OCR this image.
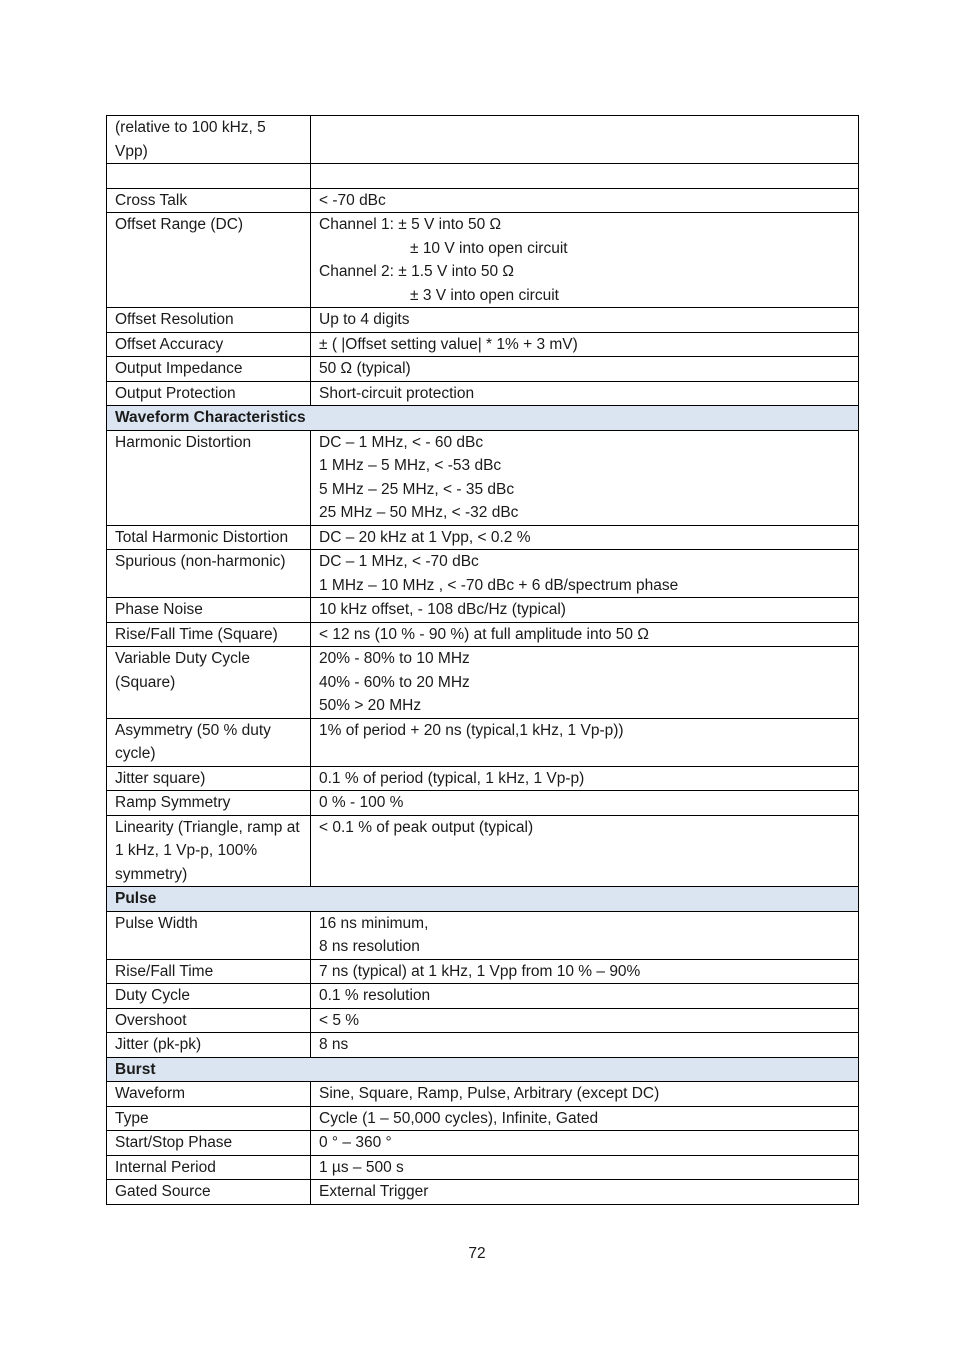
(relative to 100 kHz, 5 Vpp)	

Cross Talk	< -70 dBc

Offset Range (DC)	Channel 1: ± 5 V into 50 Ω
± 10 V into open circuit
Channel 2: ± 1.5 V into 50 Ω
± 3 V into open circuit

Offset Resolution	Up to 4 digits

Offset Accuracy	± ( |Offset setting value| * 1% + 3 mV)

Output Impedance	50 Ω (typical)

Output Protection	Short-circuit protection

Waveform Characteristics	
Harmonic Distortion	DC – 1 MHz, < - 60 dBc
1 MHz – 5 MHz, < -53 dBc
5 MHz – 25 MHz, < - 35 dBc
25 MHz – 50 MHz, < -32 dBc

Total Harmonic Distortion	DC – 20 kHz at 1 Vpp, < 0.2 %

Spurious (non-harmonic)	DC – 1 MHz, < -70 dBc
1 MHz – 10 MHz , < -70 dBc + 6 dB/spectrum phase

Phase Noise	10 kHz offset, - 108 dBc/Hz (typical)

Rise/Fall Time (Square)	< 12 ns (10 % - 90 %) at full amplitude into 50 Ω

Variable Duty Cycle (Square)	20% - 80% to 10 MHz
40% - 60% to 20 MHz
50% > 20 MHz

Asymmetry (50 % duty cycle)	1% of period + 20 ns (typical,1 kHz, 1 Vp-p))

Jitter square)	0.1 % of period (typical, 1 kHz, 1 Vp-p)

Ramp Symmetry	0 % - 100 %

Linearity (Triangle, ramp at 1 kHz, 1 Vp-p, 100% symmetry)	< 0.1 % of peak output (typical)

Pulse	
Pulse Width	16 ns minimum,
8 ns resolution

Rise/Fall Time	7 ns (typical) at 1 kHz, 1 Vpp from 10 % – 90%

Duty Cycle	0.1 % resolution

Overshoot	< 5 %

Jitter (pk-pk)	8 ns

Burst	
Waveform	Sine, Square, Ramp, Pulse, Arbitrary (except DC)

Type	Cycle (1 – 50,000 cycles), Infinite, Gated

Start/Stop Phase	0 ° – 360 °

Internal Period	1 µs – 500 s

Gated Source	External Trigger
72
